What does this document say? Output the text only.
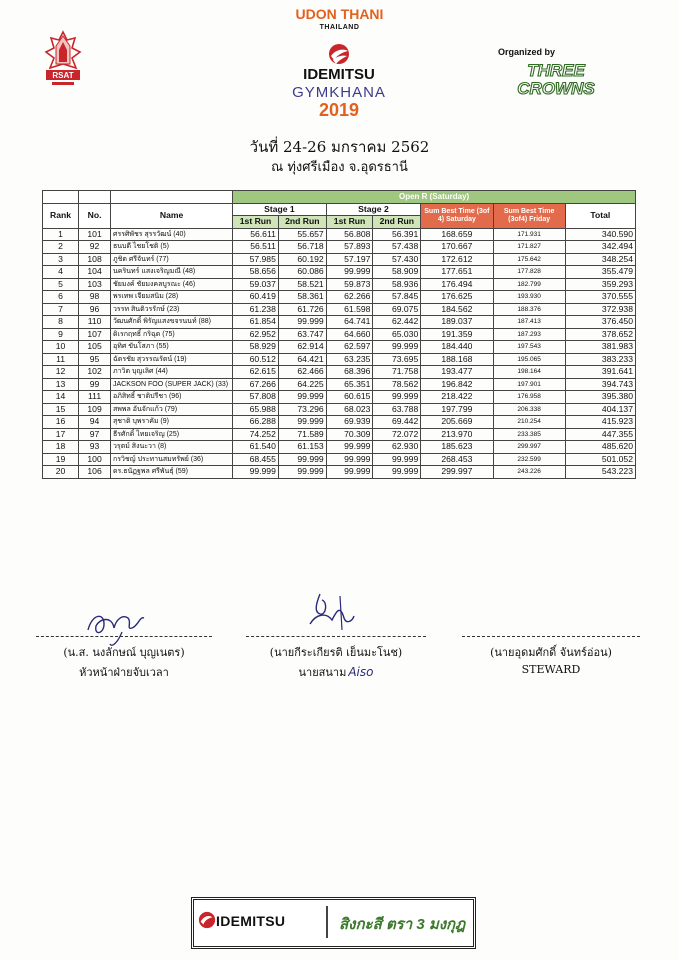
UDON THANI
THAILAND
RSAT	IDEMITSU
GYMKHANA
2019
Organized by
THREE
CROWNS
วันที่ 24-26 มกราคม 2562
ณ ทุ่งศรีเมือง จ.อุดรธานี
			Open R (Saturday)						
Rank	No.	Name	Stage 1		Stage 2		Sum Best Time (3of 4) Saturday	Sum Best Time (3of4) Friday	Total
			1st Run	2nd Run	1st Run	2nd Run			
1	101	ศรรศิพัชร สุรรวัฒน์ (40)	56.611	55.657	56.808	56.391	168.659	171.931	340.590
2	92	ธนบดี ไชยโชติ (5)	56.511	56.718	57.893	57.438	170.667	171.827	342.494
3	108	ภูชิต ศรีจันทร์ (77)	57.985	60.192	57.197	57.430	172.612	175.642	348.254
4	104	นครินทร์ แสงเจริญมณี (48)	58.656	60.086	99.999	58.909	177.651	177.828	355.479
5	103	ชัยมงค์ ชัยมงคลบูรณะ (46)	59.037	58.521	59.873	58.936	176.494	182.799	359.293
6	98	พรเทพ เจียมสนิม (28)	60.419	58.361	62.266	57.845	176.625	193.930	370.555
7	96	วรรท สินติวรรักษ์ (23)	61.238	61.726	61.598	69.075	184.562	188.376	372.938
8	110	วัฒนศักดิ์ พิรัญแสงขจรนนท์ (88)	61.854	99.999	64.741	62.442	189.037	187.413	376.450
9	107	ดิเรกฤทธิ์ กริฉุด (75)	62.952	63.747	64.660	65.030	191.359	187.293	378.652
10	105	อุทิศ ขันโสภา (55)	58.929	62.914	62.597	99.999	184.440	197.543	381.983
11	95	ฉัตรชัย สุวรรณรัตน์ (19)	60.512	64.421	63.235	73.695	188.168	195.065	383.233
12	102	ภาวิต บุญเลิศ (44)	62.615	62.466	68.396	71.758	193.477	198.164	391.641
13	99	JACKSON FOO (SUPER JACK) (33)	67.266	64.225	65.351	78.562	196.842	197.901	394.743
14	111	อภิสิทธิ์ ชาติปรีชา (96)	57.808	99.999	60.615	99.999	218.422	176.958	395.380
15	109	สพพล อันจักแก้ว (79)	65.988	73.296	68.023	63.788	197.799	206.338	404.137
16	94	สุชาติ บุพราคัม (9)	66.288	99.999	69.939	69.442	205.669	210.254	415.923
17	97	ธีรศักดิ์ ไทยเจริญ (25)	74.252	71.589	70.309	72.072	213.970	233.385	447.355
18	93	วรุตม์ สิงนะวา (8)	61.540	61.153	99.999	62.930	185.623	299.997	485.620
19	100	กรวิชญ์ ประทานสมทรัพย์ (36)	68.455	99.999	99.999	99.999	268.453	232.599	501.052
20	106	ดร.ธนัฏฐพล ศรีพันธุ์ (59)	99.999	99.999	99.999	99.999	299.997	243.226	543.223
(น.ส. นงลักษณ์ บุญเนตร)
หัวหน้าฝ่ายจับเวลา
(นายกีระเกียรติ เย็นมะโนช)
นายสนาม Aiso
(นายอุดมศักดิ์ จันทร์อ่อน)
STEWARD
IDEMITSU	สิงกะสี ตรา 3 มงกุฎ
